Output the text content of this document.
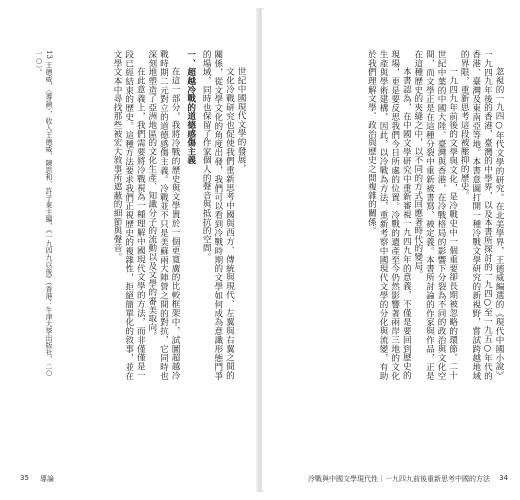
13 王德威，〈導論〉，收入王德威、陳思和、許子東主編，《一九四九以後》（香港：牛津大學出版社，二○一○）。

世紀中國現代文學的發展，

文化冷戰研究也促使我們重新思考中國與西方、傳統與現代、左翼與右翼之間的關係，從文學文化的角度出發，我們可以看到冷戰時期的文學如何成為意識形態鬥爭的場域，同時也保留了作家個人的聲音與抵抗的空間。

一、超越冷戰的道德感傷主義

在這一部分，我將冷戰的歷史與文學置於一個更寬廣的比較框架中，試圖超越冷戰時期二元對立的道德感傷主義。冷戰並不只是美蘇兩大陣營之間的對抗，它同時也深刻地塑造了亞洲地區的文化生產、知識分子的流動以及文學的審美取向。

在此意義上，我們需要將冷戰視為一種理解中國現代文學的方法，而非僅僅是一段已經結束的歷史。這種方法要求我們正視歷史的複雜性，拒絕簡單化的敘事，並在文學文本中尋找那些被宏大敘事所遮蔽的細節與聲音。

35 導論

忽視的一九四○年代文學的研究。在北美學界，王德威編選的《現代中國小說》一九四九年後的香港，臺灣的中學界，以及本書所探討的一九四○至一九五○年代的香港、臺灣及東南亞等地。本書意圖打開一種冷戰文學研究的新視野，嘗試跨越地域的界限，重新思考這段被壓抑的歷史。

一九四九年前後的文學與文化，是冷戰史中一個重要卻長期被忽略的環節。二十世紀中葉的中國大陸、臺灣與香港，在冷戰格局的影響下分裂為不同的政治與文化空間，而文學正是在這種分裂中重新被書寫、被定義。本書所討論的作家與作品，正是在這種歷史的夾縫之中，以不同的方式回應著時代的變局。

本書認為，在中國文學研究中重新審視一九四九年的意義，不僅是要回到歷史的現場，更是要反思我們今日所處的位置。冷戰的遺產至今仍然影響著兩岸三地的文化生產與學術建構，因此，以冷戰為方法，重新考察中國現代文學的分化與流變，有助於我們理解文學、政治與歷史之間複雜的關係。

冷戰與中國文學現代性｜一九四九前後重新思考中國的方法 34
